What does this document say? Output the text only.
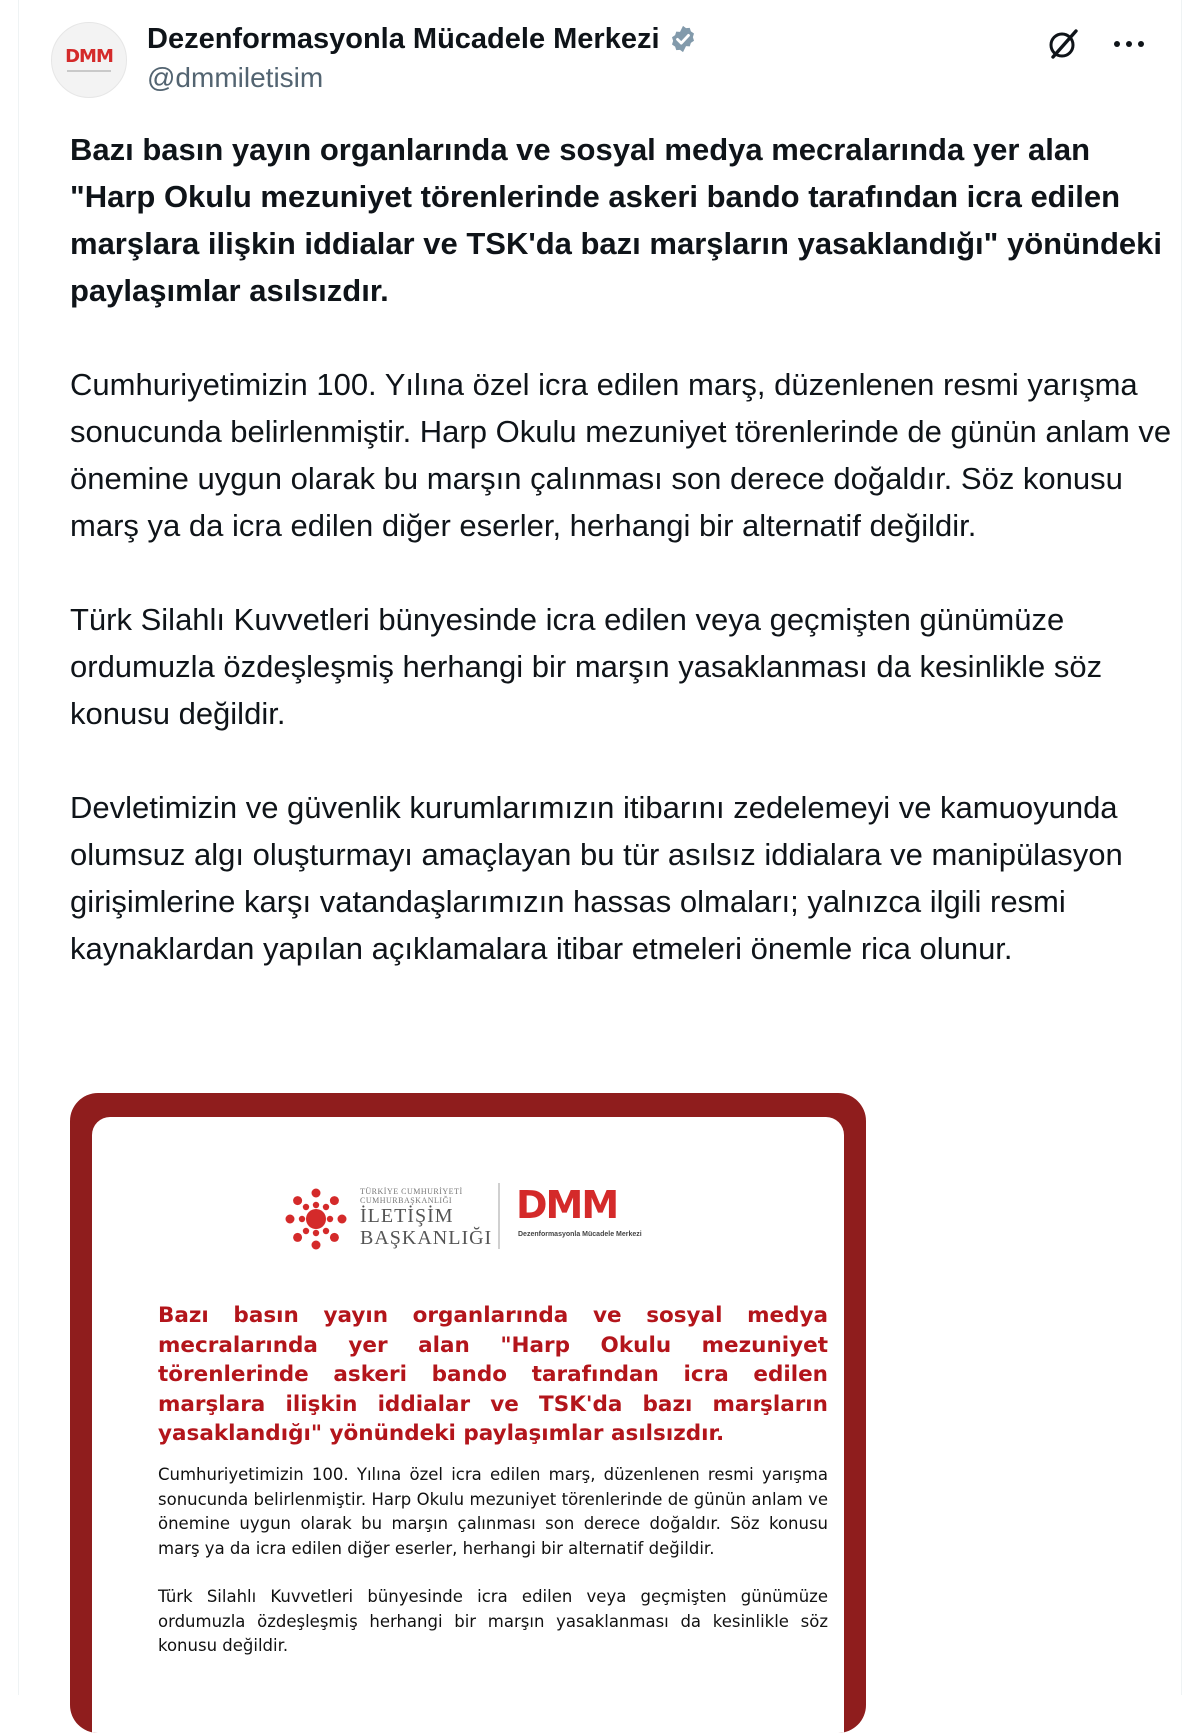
DMM
Dezenformasyonla Mücadele Merkezi
@dmmiletisim

Bazı basın yayın organlarında ve sosyal medya mecralarında yer alan "Harp Okulu mezuniyet törenlerinde askeri bando tarafından icra edilen marşlara ilişkin iddialar ve TSK'da bazı marşların yasaklandığı" yönündeki paylaşımlar asılsızdır.

Cumhuriyetimizin 100. Yılına özel icra edilen marş, düzenlenen resmi yarışma sonucunda belirlenmiştir. Harp Okulu mezuniyet törenlerinde de günün anlam ve önemine uygun olarak bu marşın çalınması son derece doğaldır. Söz konusu marş ya da icra edilen diğer eserler, herhangi bir alternatif değildir.

Türk Silahlı Kuvvetleri bünyesinde icra edilen veya geçmişten günümüze ordumuzla özdeşleşmiş herhangi bir marşın yasaklanması da kesinlikle söz konusu değildir.

Devletimizin ve güvenlik kurumlarımızın itibarını zedelemeyi ve kamuoyunda olumsuz algı oluşturmayı amaçlayan bu tür asılsız iddialara ve manipülasyon girişimlerine karşı vatandaşlarımızın hassas olmaları; yalnızca ilgili resmi kaynaklardan yapılan açıklamalara itibar etmeleri önemle rica olunur.

TÜRKİYE CUMHURİYETİ
CUMHURBAŞKANLIĞI
İLETİŞİM
BAŞKANLIĞI
DMM
Dezenformasyonla Mücadele Merkezi
Bazı basın yayın organlarında ve sosyal medya mecralarında yer alan "Harp Okulu mezuniyet törenlerinde askeri bando tarafından icra edilen marşlara ilişkin iddialar ve TSK'da bazı marşların yasaklandığı" yönündeki paylaşımlar asılsızdır.

Cumhuriyetimizin 100. Yılına özel icra edilen marş, düzenlenen resmi yarışma sonucunda belirlenmiştir. Harp Okulu mezuniyet törenlerinde de günün anlam ve önemine uygun olarak bu marşın çalınması son derece doğaldır. Söz konusu marş ya da icra edilen diğer eserler, herhangi bir alternatif değildir.

Türk Silahlı Kuvvetleri bünyesinde icra edilen veya geçmişten günümüze ordumuzla özdeşleşmiş herhangi bir marşın yasaklanması da kesinlikle söz konusu değildir.
